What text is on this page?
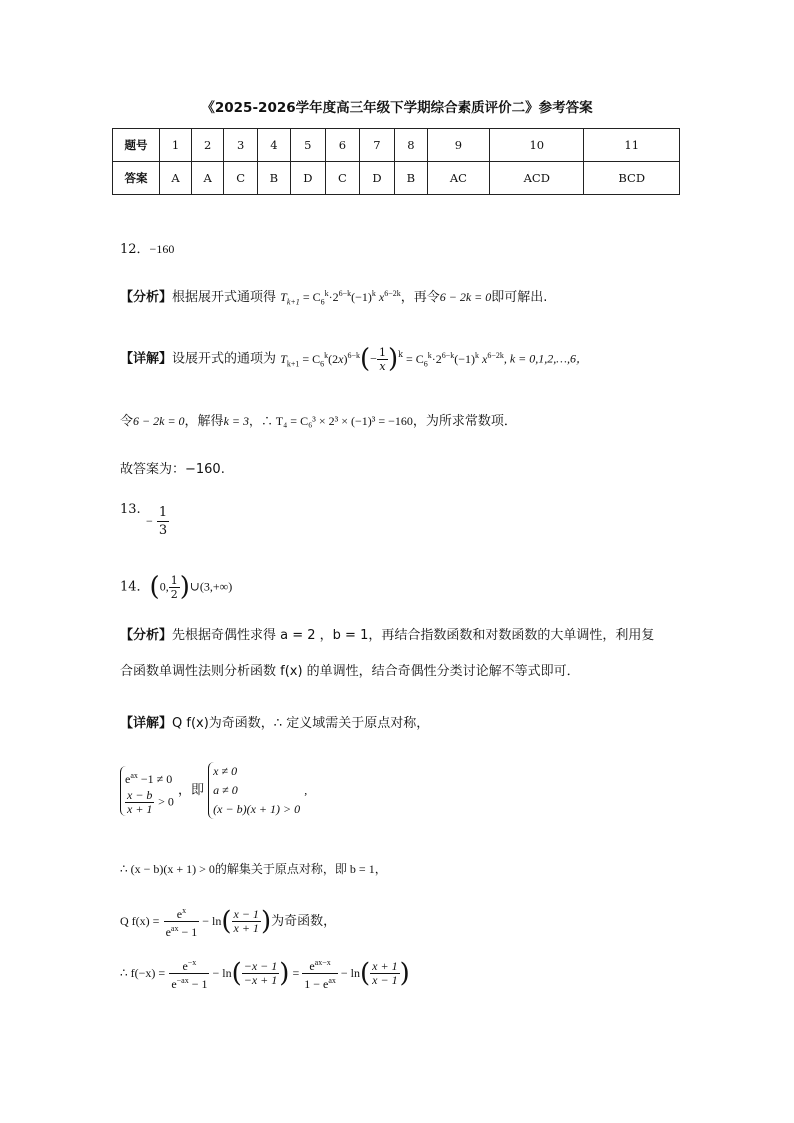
《2025-2026学年度高三年级下学期综合素质评价二》参考答案
题号	1	2	3	4	5	6	7	8	9	10	11
答案	A	A	C	B	D	C	D	B	AC	ACD	BCD
12．−160
【分析】根据展开式通项得 $T_{k+1} = C_6^k\cdot 2^{6-k}(-1)^k$ $x^{6-2k}$，再令6 − 2k = 0即可解出.
【详解】设展开式的通项为 $T_{k+1} = C_6^k(2x)^{6-k}(- \frac{1}{x} )^k = C_6^k\cdot 2^{6-k}(-1)^k$ $x^{6-2k}$, k = 0,1,2,…,6，
令6 − 2k = 0，解得k = 3，∴ T₄ = C₆³ × 2³ × (−1)³ = −160，为所求常数项．
故答案为：−160.
13.
− $\frac{1}{3}$
14．(0, $\frac{1}{2}$ )∪(3,+∞)
【分析】先根据奇偶性求得 a = 2 ，b = 1，再结合指数函数和对数函数的大单调性，利用复
合函数单调性法则分析函数 f(x) 的单调性，结合奇偶性分类讨论解不等式即可．
【详解】Q f(x)为奇函数，∴ 定义域需关于原点对称，
$e^{ax} -1 \ne 0$

$\frac{x - b}{x + 1} > 0$ ，即 x ≠ 0
a ≠ 0
(x − b)(x + 1) > 0 ,
∴ (x − b)(x + 1) > 0的解集关于原点对称，即 b = 1，
Q $f(x) = \frac{e^x}{e^{ax} - 1} - \ln( \frac{x - 1}{x + 1}$ )为奇函数，
∴ $f(-x) = \frac{e^{-x}}{e^{-ax} - 1} - \ln( \frac{-x - 1}{-x + 1}$ ) = $\frac{e^{ax-x}}{1 - e^{ax}} - \ln( \frac{x + 1}{x - 1}$ )
